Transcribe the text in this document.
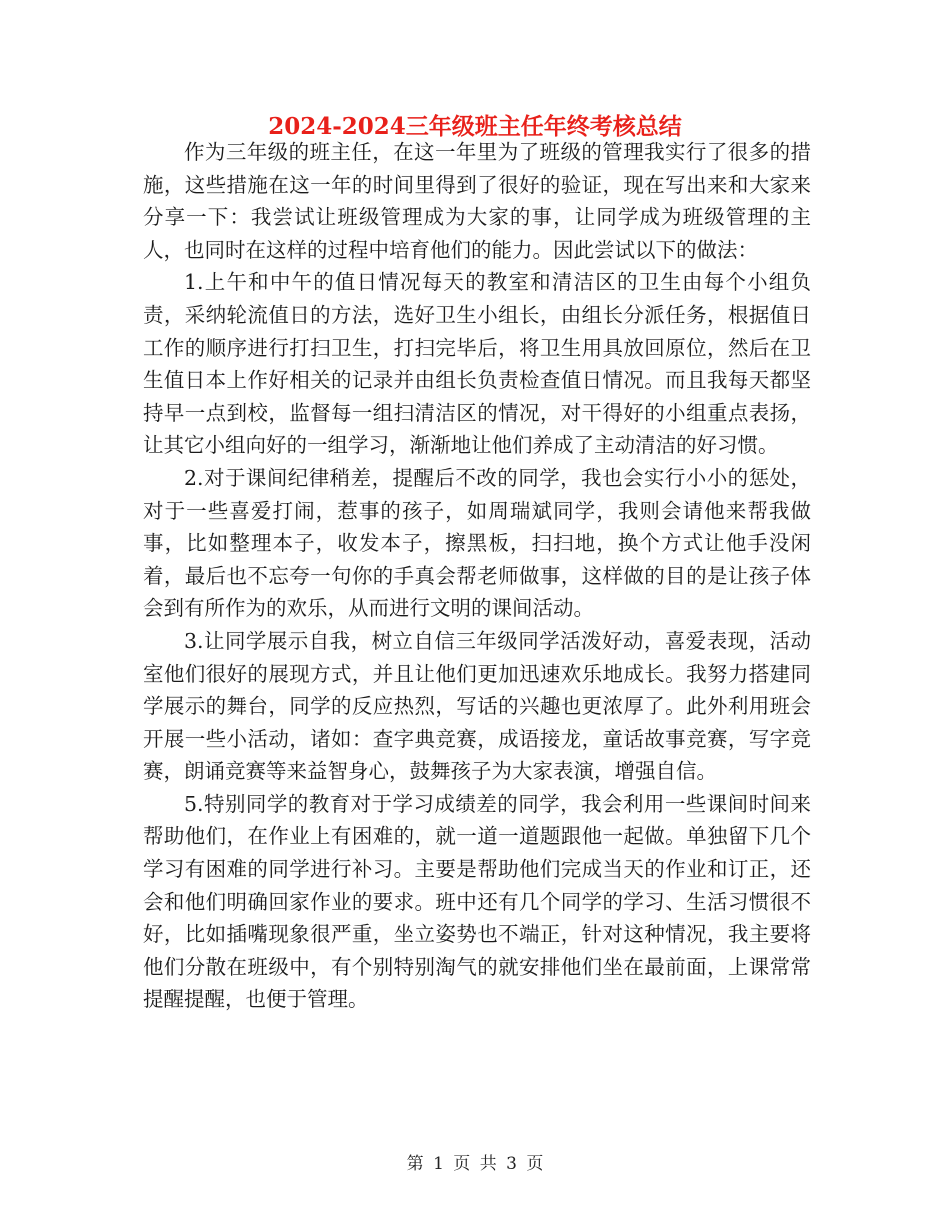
2024-2024三年级班主任年终考核总结

作为三年级的班主任，在这一年里为了班级的管理我实行了很多的措施，这些措施在这一年的时间里得到了很好的验证，现在写出来和大家来分享一下：我尝试让班级管理成为大家的事，让同学成为班级管理的主人，也同时在这样的过程中培育他们的能力。因此尝试以下的做法：

1.上午和中午的值日情况每天的教室和清洁区的卫生由每个小组负责，采纳轮流值日的方法，选好卫生小组长，由组长分派任务，根据值日工作的顺序进行打扫卫生，打扫完毕后，将卫生用具放回原位，然后在卫生值日本上作好相关的记录并由组长负责检查值日情况。而且我每天都坚持早一点到校，监督每一组扫清洁区的情况，对干得好的小组重点表扬，让其它小组向好的一组学习，渐渐地让他们养成了主动清洁的好习惯。

2.对于课间纪律稍差，提醒后不改的同学，我也会实行小小的惩处，对于一些喜爱打闹，惹事的孩子，如周瑞斌同学，我则会请他来帮我做事，比如整理本子，收发本子，擦黑板，扫扫地，换个方式让他手没闲着，最后也不忘夸一句你的手真会帮老师做事，这样做的目的是让孩子体会到有所作为的欢乐，从而进行文明的课间活动。

3.让同学展示自我，树立自信三年级同学活泼好动，喜爱表现，活动室他们很好的展现方式，并且让他们更加迅速欢乐地成长。我努力搭建同学展示的舞台，同学的反应热烈，写话的兴趣也更浓厚了。此外利用班会开展一些小活动，诸如：查字典竞赛，成语接龙，童话故事竞赛，写字竞赛，朗诵竞赛等来益智身心，鼓舞孩子为大家表演，增强自信。

5.特别同学的教育对于学习成绩差的同学，我会利用一些课间时间来帮助他们，在作业上有困难的，就一道一道题跟他一起做。单独留下几个学习有困难的同学进行补习。主要是帮助他们完成当天的作业和订正，还会和他们明确回家作业的要求。班中还有几个同学的学习、生活习惯很不好，比如插嘴现象很严重，坐立姿势也不端正，针对这种情况，我主要将他们分散在班级中，有个别特别淘气的就安排他们坐在最前面，上课常常提醒提醒，也便于管理。

第 1 页 共 3 页
